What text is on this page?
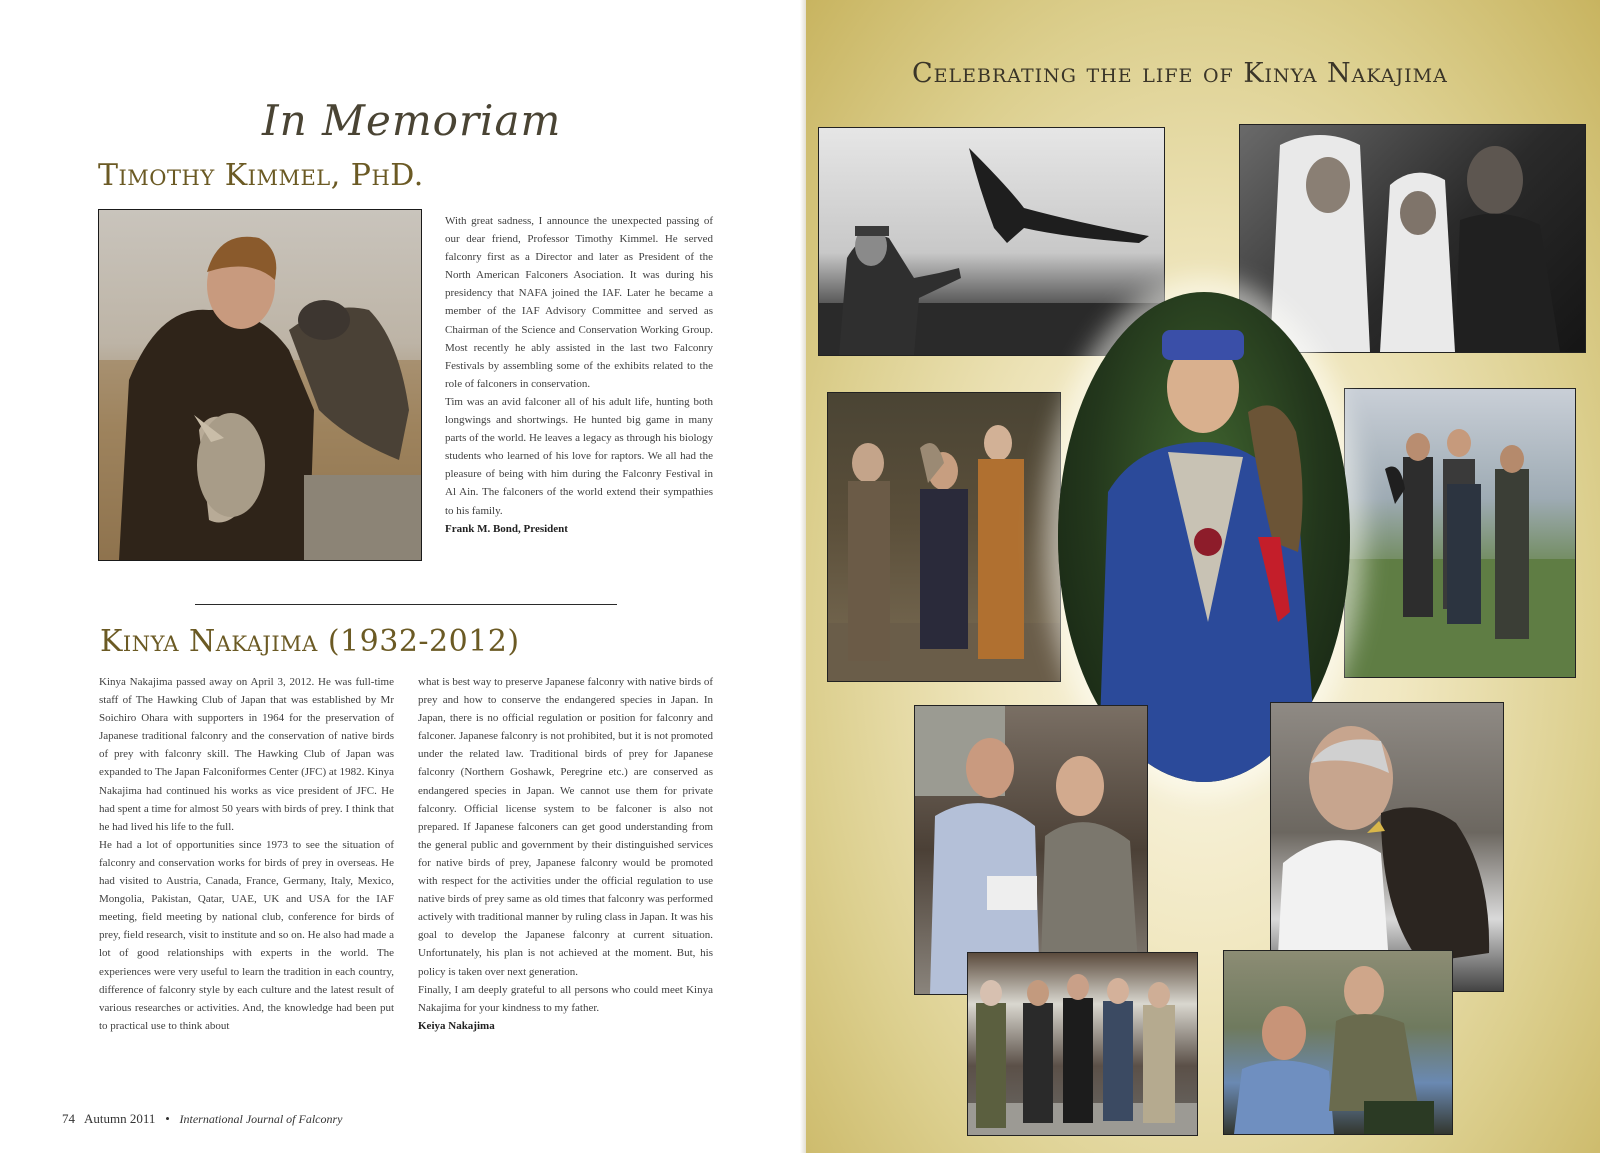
In Memoriam
Timothy Kimmel, PhD.

With great sadness, I announce the unexpected passing of our dear friend, Professor Timothy Kimmel. He served falconry first as a Director and later as President of the North American Falconers Asociation. It was during his presidency that NAFA joined the IAF. Later he became a member of the IAF Advisory Committee and served as Chairman of the Science and Conservation Working Group. Most recently he ably assisted in the last two Falconry Festivals by assembling some of the exhibits related to the role of falconers in conservation.

Tim was an avid falconer all of his adult life, hunting both longwings and shortwings. He hunted big game in many parts of the world. He leaves a legacy as through his biology students who learned of his love for raptors. We all had the pleasure of being with him during the Falconry Festival in Al Ain. The falconers of the world extend their sympathies to his family.

Frank M. Bond, President

Kinya Nakajima (1932-2012)

Kinya Nakajima passed away on April 3, 2012. He was full-time staff of The Hawking Club of Japan that was established by Mr Soichiro Ohara with supporters in 1964 for the preservation of Japanese traditional falconry and the conservation of native birds of prey with falconry skill. The Hawking Club of Japan was expanded to The Japan Falconiformes Center (JFC) at 1982. Kinya Nakajima had continued his works as vice president of JFC. He had spent a time for almost 50 years with birds of prey. I think that he had lived his life to the full.

He had a lot of opportunities since 1973 to see the situation of falconry and conservation works for birds of prey in overseas. He had visited to Austria, Canada, France, Germany, Italy, Mexico, Mongolia, Pakistan, Qatar, UAE, UK and USA for the IAF meeting, field meeting by national club, conference for birds of prey, field research, visit to institute and so on. He also had made a lot of good relationships with experts in the world. The experiences were very useful to learn the tradition in each country, difference of falconry style by each culture and the latest result of various researches or activities. And, the knowledge had been put to practical use to think about

what is best way to preserve Japanese falconry with native birds of prey and how to conserve the endangered species in Japan. In Japan, there is no official regulation or position for falconry and falconer. Japanese falconry is not prohibited, but it is not promoted under the related law. Traditional birds of prey for Japanese falconry (Northern Goshawk, Peregrine etc.) are conserved as endangered species in Japan. We cannot use them for private falconry. Official license system to be falconer is also not prepared. If Japanese falconers can get good understanding from the general public and government by their distinguished services for native birds of prey, Japanese falconry would be promoted with respect for the activities under the official regulation to use native birds of prey same as old times that falconry was performed actively with traditional manner by ruling class in Japan. It was his goal to develop the Japanese falconry at current situation. Unfortunately, his plan is not achieved at the moment. But, his policy is taken over next generation.

Finally, I am deeply grateful to all persons who could meet Kinya Nakajima for your kindness to my father.

Keiya Nakajima

74 Autumn 2011 • International Journal of Falconry
Celebrating the life of Kinya Nakajima
